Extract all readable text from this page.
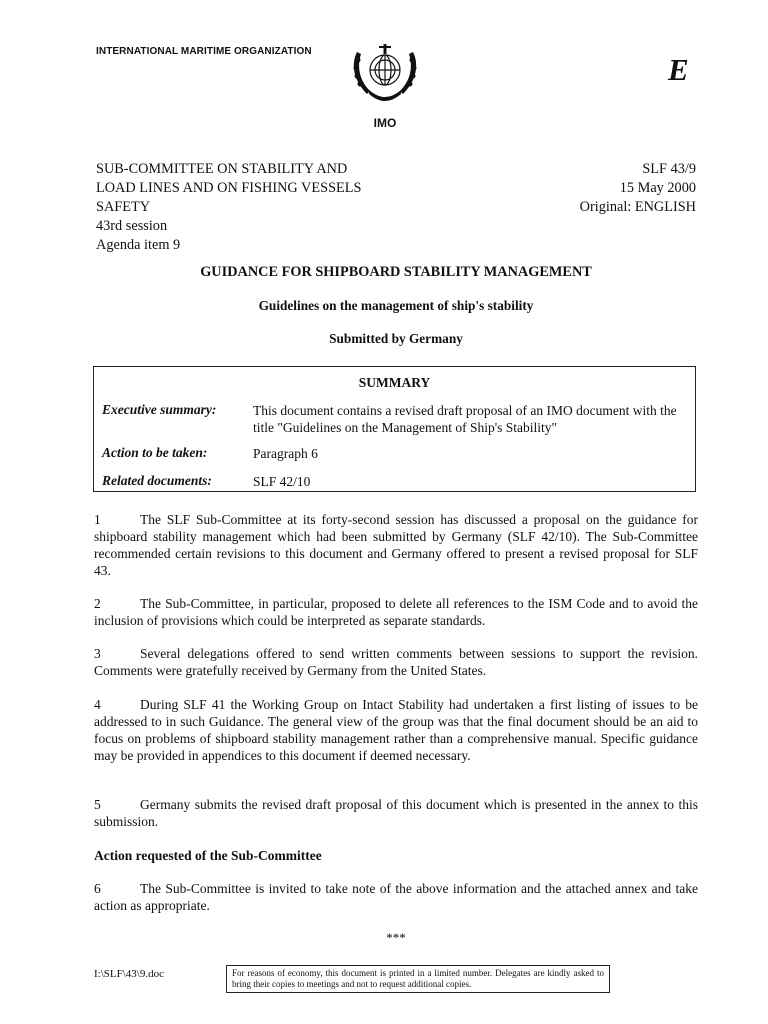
INTERNATIONAL MARITIME ORGANIZATION
E
IMO
SUB-COMMITTEE ON STABILITY AND
LOAD LINES AND ON FISHING VESSELS
SAFETY
43rd session
Agenda item 9
SLF 43/9
15 May 2000
Original: ENGLISH
GUIDANCE FOR SHIPBOARD STABILITY MANAGEMENT
Guidelines on the management of ship's stability
Submitted by Germany
SUMMARY
Executive summary:	This document contains a revised draft proposal of an IMO document with the title "Guidelines on the Management of Ship's Stability"
Action to be taken:	Paragraph 6
Related documents:	SLF 42/10
1	The SLF Sub-Committee at its forty-second session has discussed a proposal on the guidance for shipboard stability management which had been submitted by Germany (SLF 42/10). The Sub-Committee recommended certain revisions to this document and Germany offered to present a revised proposal for SLF 43.
2	The Sub-Committee, in particular, proposed to delete all references to the ISM Code and to avoid the inclusion of provisions which could be interpreted as separate standards.
3	Several delegations offered to send written comments between sessions to support the revision. Comments were gratefully received by Germany from the United States.
4	During SLF 41 the Working Group on Intact Stability had undertaken a first listing of issues to be addressed to in such Guidance. The general view of the group was that the final document should be an aid to focus on problems of shipboard stability management rather than a comprehensive manual. Specific guidance may be provided in appendices to this document if deemed necessary.
5	Germany submits the revised draft proposal of this document which is presented in the annex to this submission.
Action requested of the Sub-Committee
6	The Sub-Committee is invited to take note of the above information and the attached annex and take action as appropriate.
***
I:\SLF\43\9.doc	For reasons of economy, this document is printed in a limited number. Delegates are kindly asked to bring their copies to meetings and not to request additional copies.
